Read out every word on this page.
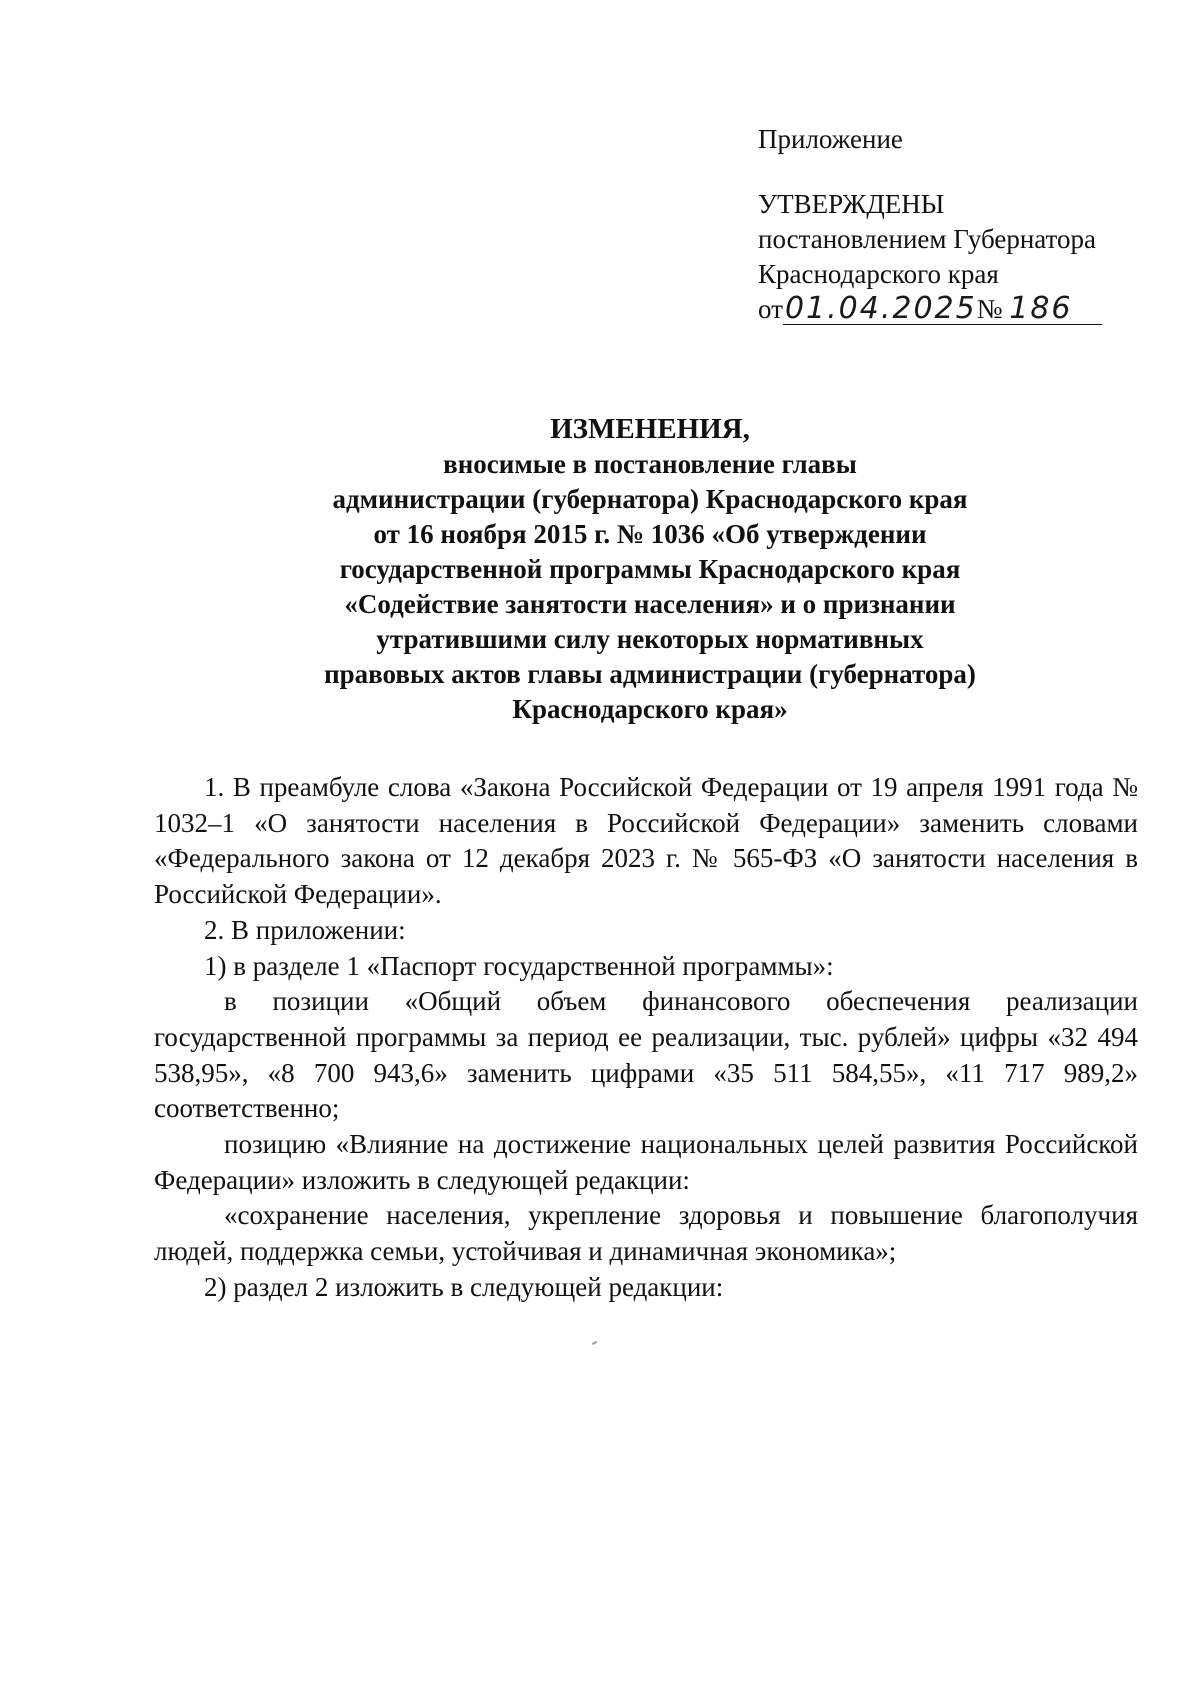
Приложение
УТВЕРЖДЕНЫ
постановлением Губернатора
Краснодарского края
от01.04.2025№ 186
ИЗМЕНЕНИЯ,
вносимые в постановление главы
администрации (губернатора) Краснодарского края
от 16 ноября 2015 г. № 1036 «Об утверждении
государственной программы Краснодарского края
«Содействие занятости населения» и о признании
утратившими силу некоторых нормативных
правовых актов главы администрации (губернатора)
Краснодарского края»

1. В преамбуле слова «Закона Российской Федерации от 19 апреля 1991 года № 1032–1 «О занятости населения в Российской Федерации» заменить словами «Федерального закона от 12 декабря 2023 г. № 565-ФЗ «О занятости населения в Российской Федерации».

2. В приложении:

1) в разделе 1 «Паспорт государственной программы»:

в позиции «Общий объем финансового обеспечения реализации государственной программы за период ее реализации, тыс. рублей» цифры «32 494 538,95», «8 700 943,6» заменить цифрами «35 511 584,55», «11 717 989,2» соответственно;

позицию «Влияние на достижение национальных целей развития Российской Федерации» изложить в следующей редакции:

«сохранение населения, укрепление здоровья и повышение благополучия людей, поддержка семьи, устойчивая и динамичная экономика»;

2) раздел 2 изложить в следующей редакции:
